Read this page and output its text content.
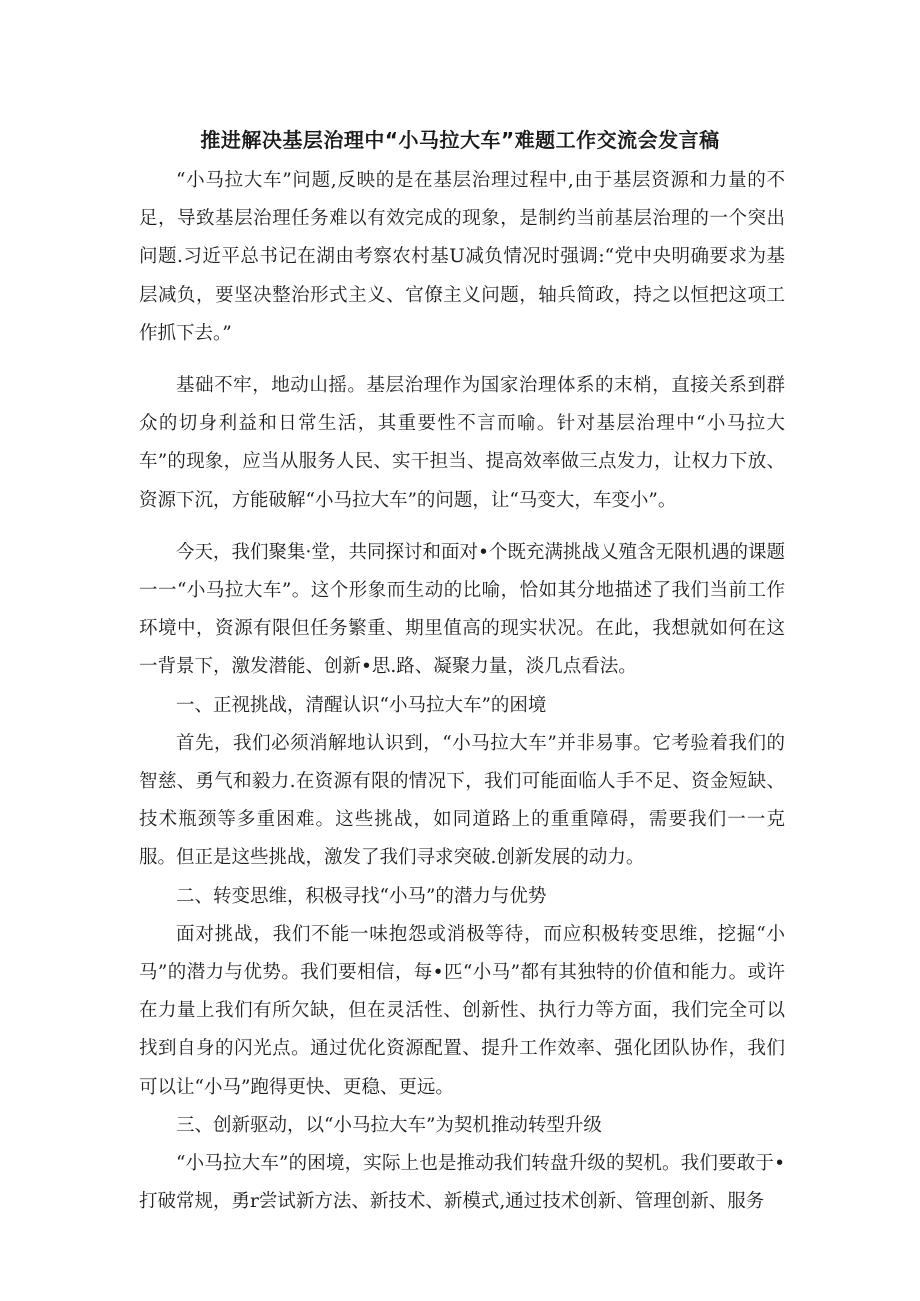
推进解决基层治理中“小马拉大车”难题工作交流会发言稿

“小马拉大车”问题,反映的是在基层治理过程中,由于基层资源和力量的不足，导致基层治理任务难以有效完成的现象，是制约当前基层治理的一个突出问题.习近平总书记在湖由考察农村基U减负情况时强调:“党中央明确要求为基层减负，要坚决整治形式主义、官僚主义问题，轴兵简政，持之以恒把这项工作抓下去。”

基础不牢，地动山摇。基层治理作为国家治理体系的末梢，直接关系到群众的切身利益和日常生活，其重要性不言而喻。针对基层治理中“小马拉大车”的现象，应当从服务人民、实干担当、提高效率做三点发力，让权力下放、资源下沉，方能破解“小马拉大车”的问题，让“马变大，车变小”。

今天，我们聚集·堂，共同探讨和面对•个既充满挑战乂殖含无限机遇的课题一一“小马拉大车”。这个形象而生动的比喻，恰如其分地描述了我们当前工作环境中，资源有限但任务繁重、期里值高的现实状况。在此，我想就如何在这一背景下，激发潜能、创新•思.路、凝聚力量，淡几点看法。

一、正视挑战，清醒认识“小马拉大车”的困境

首先，我们必须消解地认识到，“小马拉大车”并非易事。它考验着我们的智慈、勇气和毅力.在资源有限的情况下，我们可能面临人手不足、资金短缺、技术瓶颈等多重困难。这些挑战，如同道路上的重重障碍，需要我们一一克服。但正是这些挑战，激发了我们寻求突破.创新发展的动力。

二、转变思维，积极寻找“小马”的潜力与优势

面对挑战，我们不能一味抱怨或消极等待，而应积极转变思维，挖掘“小马”的潜力与优势。我们要相信，每•匹“小马”都有其独特的价值和能力。或许在力量上我们有所欠缺，但在灵活性、创新性、执行力等方面，我们完全可以找到自身的闪光点。通过优化资源配置、提升工作效率、强化团队协作，我们可以让“小马”跑得更快、更稳、更远。

三、创新驱动，以“小马拉大车”为契机推动转型升级

“小马拉大车”的困境，实际上也是推动我们转盘升级的契机。我们要敢于•打破常规，勇r尝试新方法、新技术、新模式,通过技术创新、管理创新、服务
